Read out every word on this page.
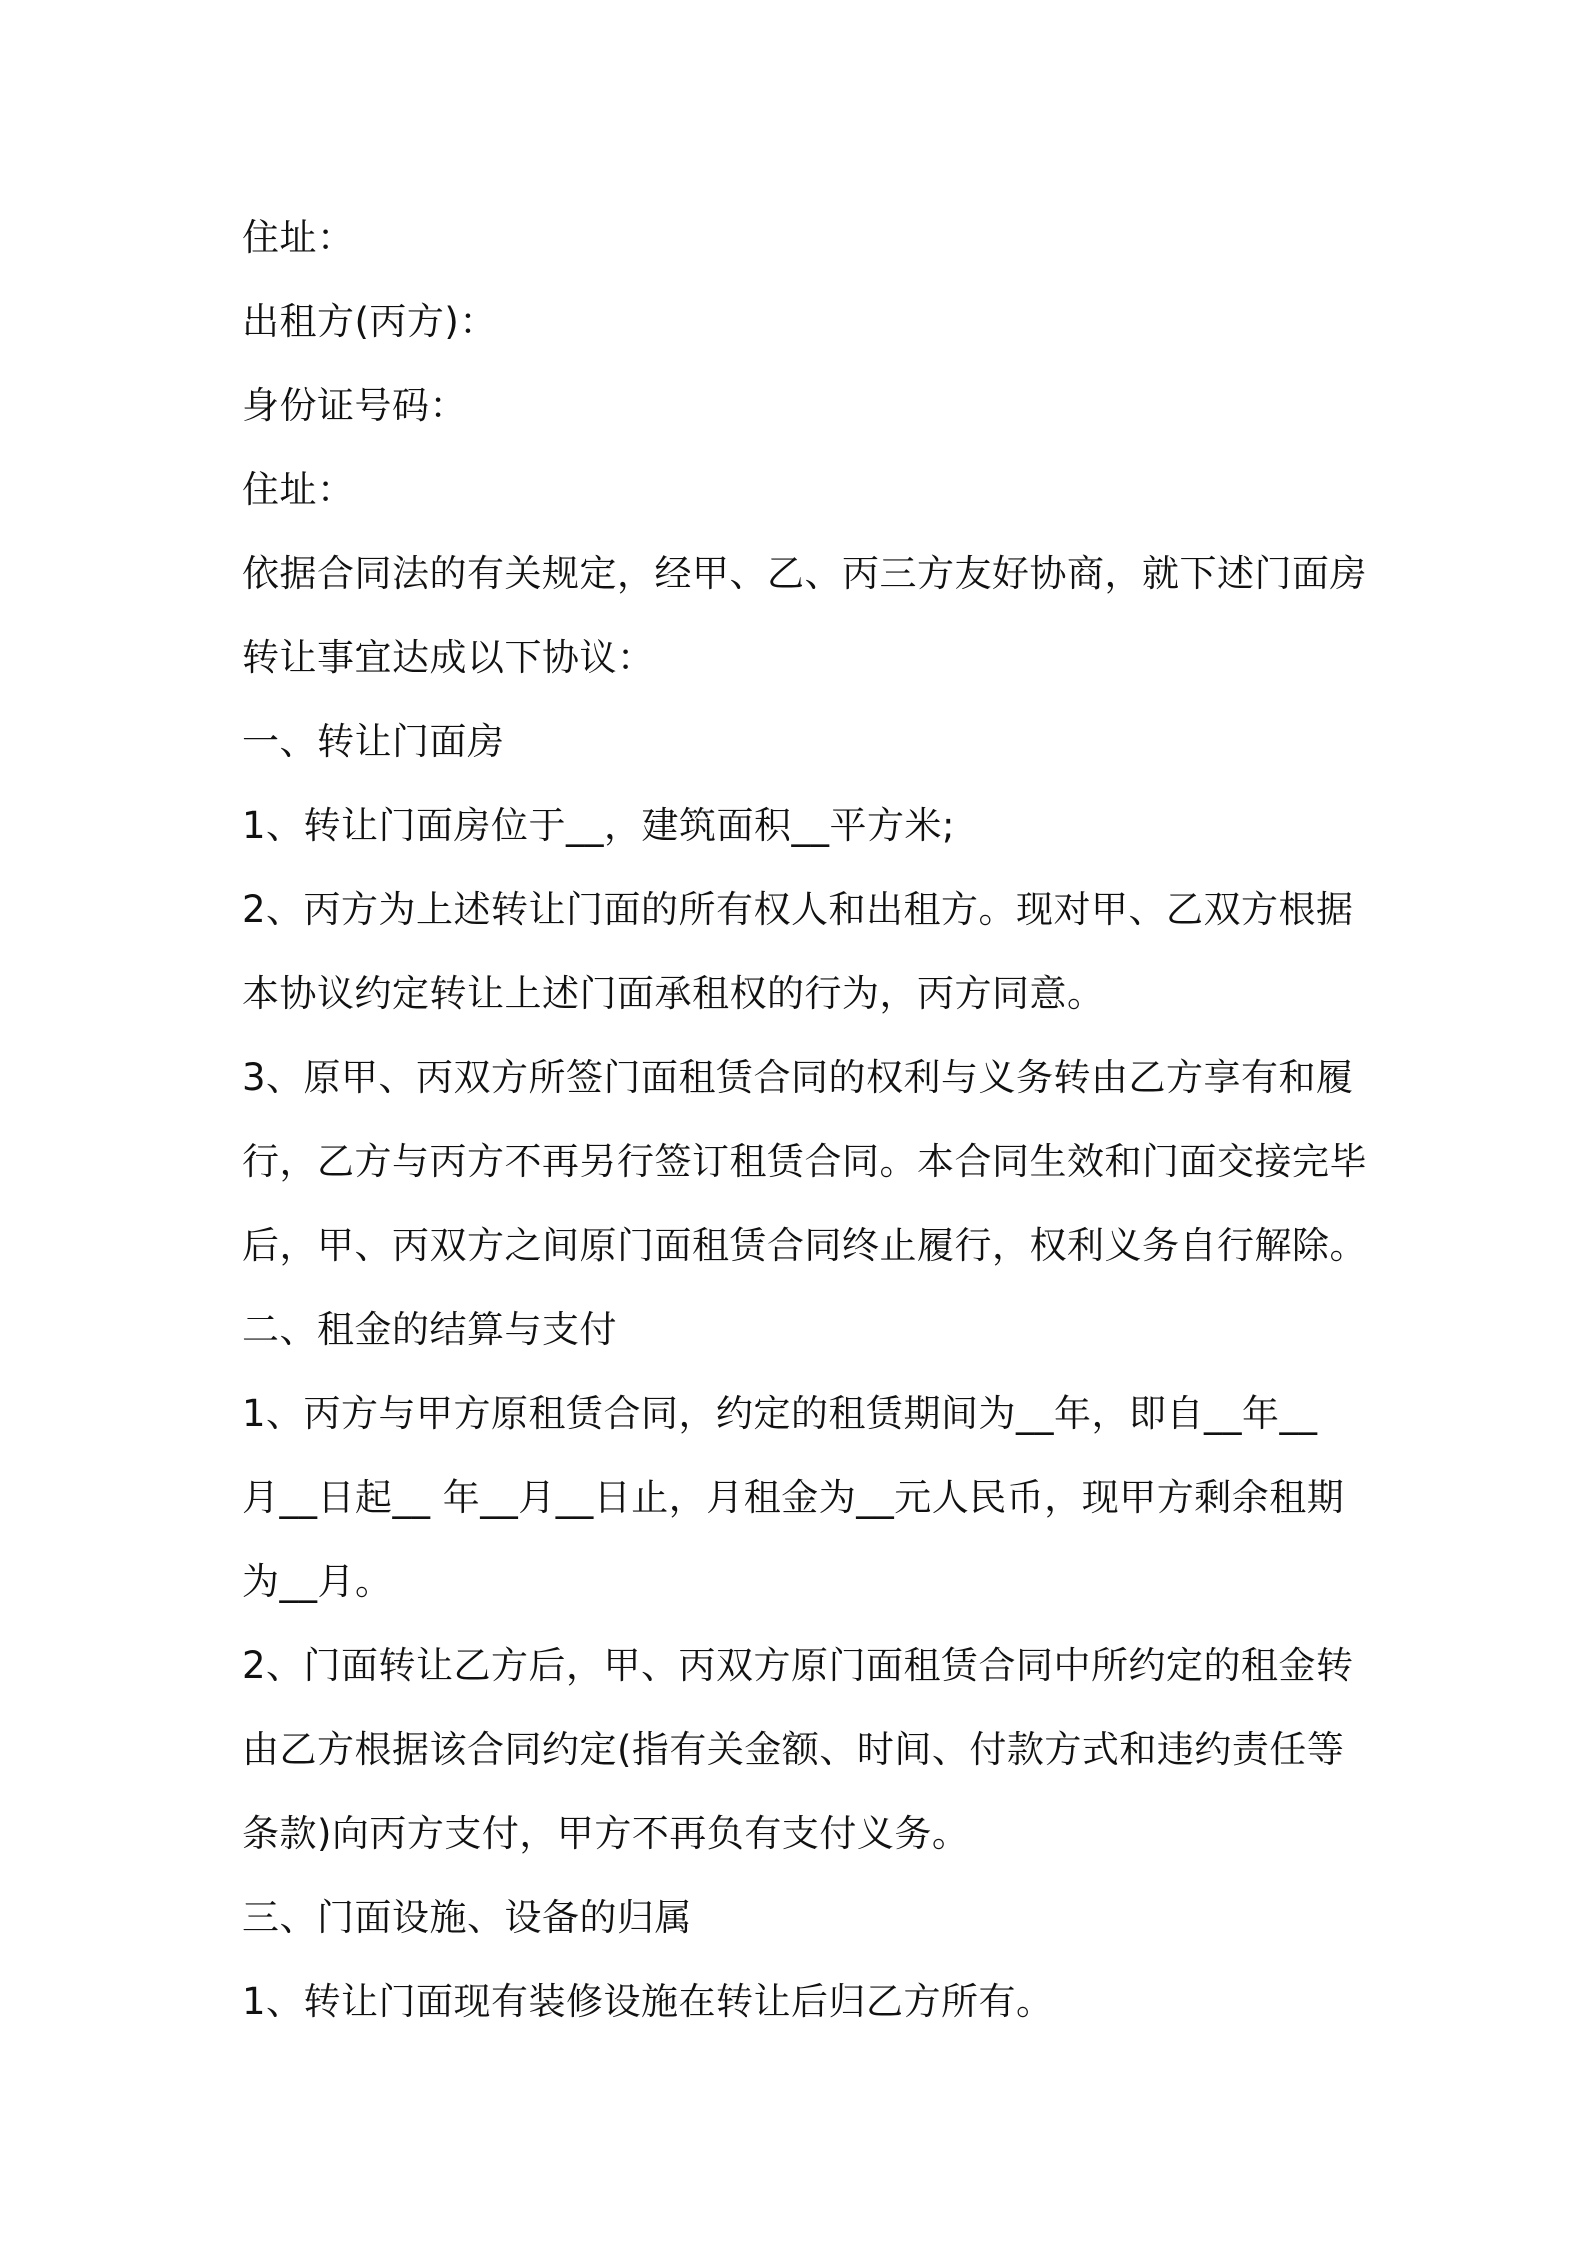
住址：
出租方(丙方)：
身份证号码：
住址：
依据合同法的有关规定，经甲、乙、丙三方友好协商，就下述门面房
转让事宜达成以下协议：
一、转让门面房
1、转让门面房位于__，建筑面积__平方米;
2、丙方为上述转让门面的所有权人和出租方。现对甲、乙双方根据
本协议约定转让上述门面承租权的行为，丙方同意。
3、原甲、丙双方所签门面租赁合同的权利与义务转由乙方享有和履
行，乙方与丙方不再另行签订租赁合同。本合同生效和门面交接完毕
后，甲、丙双方之间原门面租赁合同终止履行，权利义务自行解除。
二、租金的结算与支付
1、丙方与甲方原租赁合同，约定的租赁期间为__年，即自__年__
月__日起__ 年__月__日止，月租金为__元人民币，现甲方剩余租期
为__月。
2、门面转让乙方后，甲、丙双方原门面租赁合同中所约定的租金转
由乙方根据该合同约定(指有关金额、时间、付款方式和违约责任等
条款)向丙方支付，甲方不再负有支付义务。
三、门面设施、设备的归属
1、转让门面现有装修设施在转让后归乙方所有。
